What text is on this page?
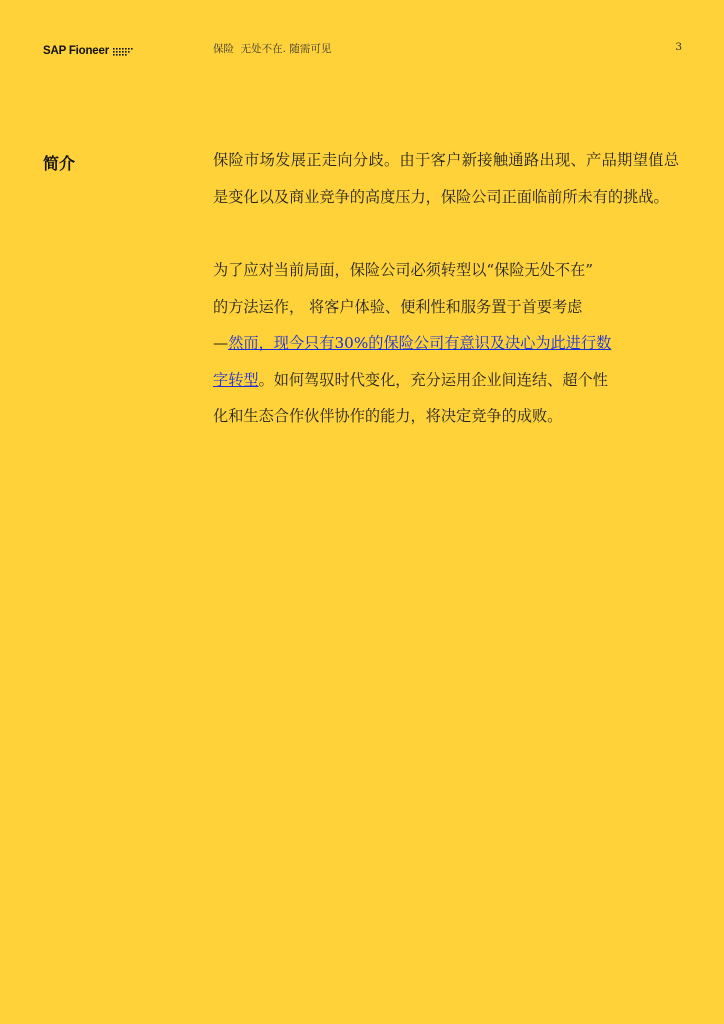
SAP Fioneer	保险  无处不在. 随需可见	3
简介	保险市场发展正走向分歧。由于客户新接触通路出现、产品期望值总是变化以及商业竞争的高度压力，保险公司正面临前所未有的挑战。

为了应对当前局面，保险公司必须转型以“保险无处不在”
的方法运作， 将客户体验、便利性和服务置于首要考虑
—然而，现今只有30%的保险公司有意识及决心为此进行数
字转型。如何驾驭时代变化，充分运用企业间连结、超个性
化和生态合作伙伴协作的能力，将决定竞争的成败。
